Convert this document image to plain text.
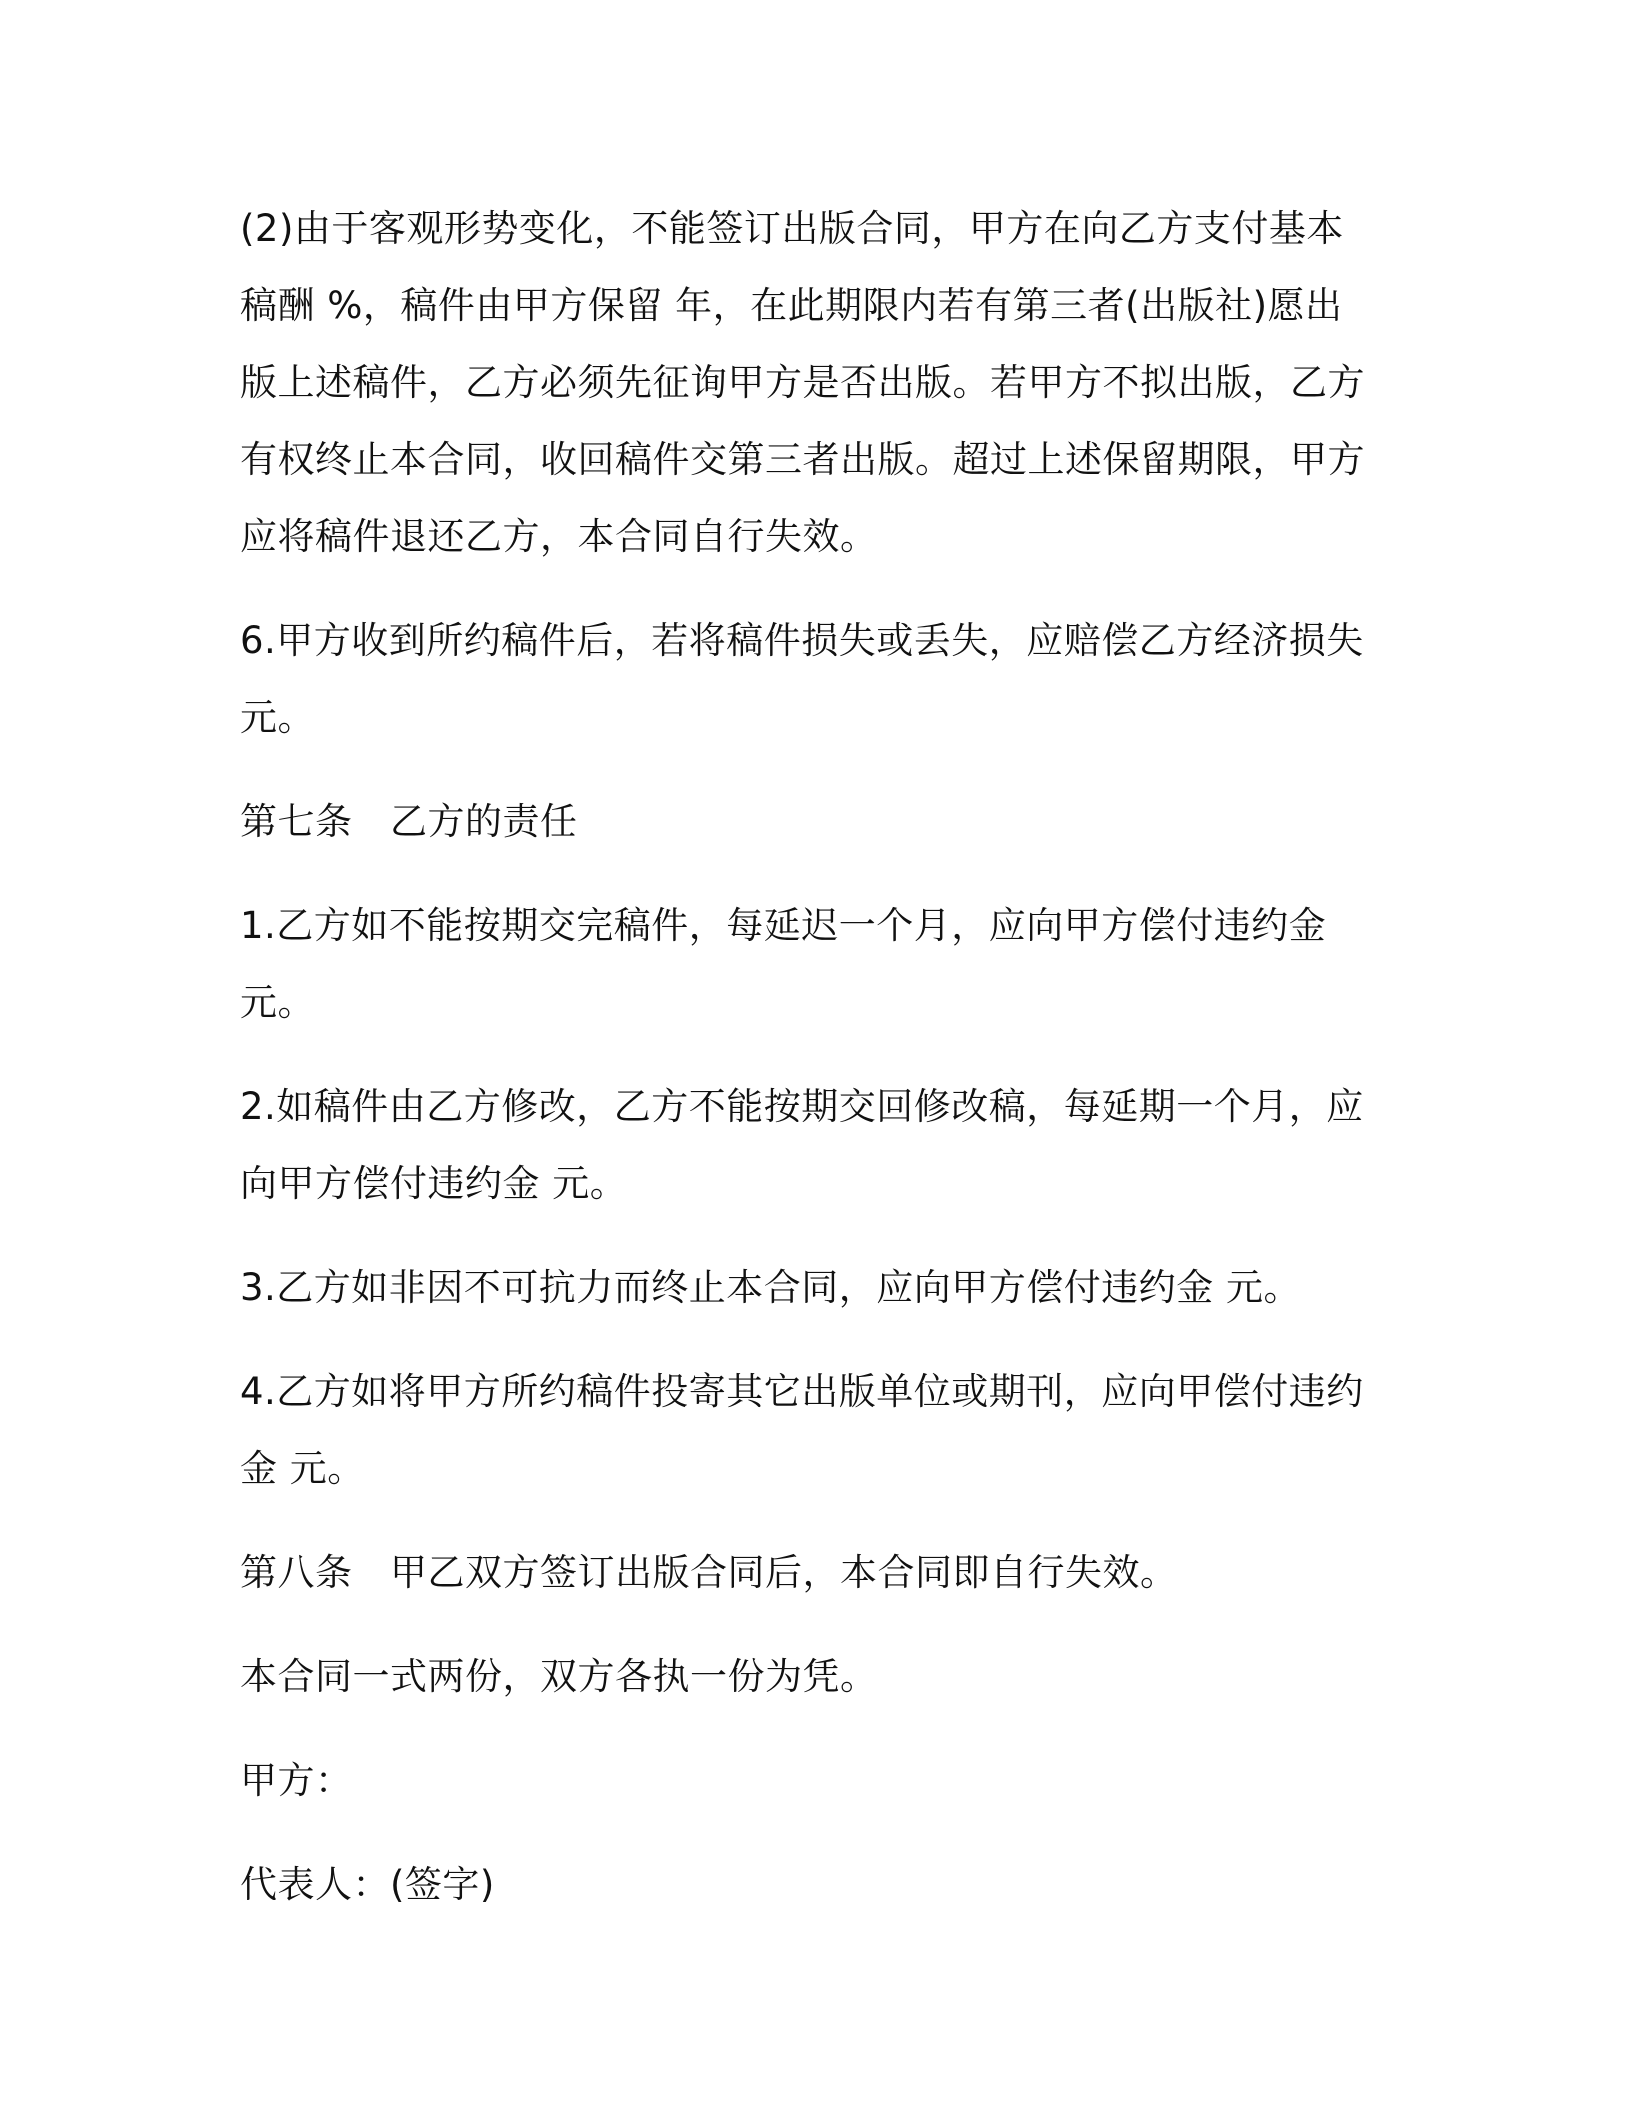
(2)由于客观形势变化，不能签订出版合同，甲方在向乙方支付基本稿酬 %，稿件由甲方保留 年，在此期限内若有第三者(出版社)愿出版上述稿件，乙方必须先征询甲方是否出版。若甲方不拟出版，乙方有权终止本合同，收回稿件交第三者出版。超过上述保留期限，甲方应将稿件退还乙方，本合同自行失效。

6.甲方收到所约稿件后，若将稿件损失或丢失，应赔偿乙方经济损失 元。

第七条　乙方的责任

1.乙方如不能按期交完稿件，每延迟一个月，应向甲方偿付违约金 元。

2.如稿件由乙方修改，乙方不能按期交回修改稿，每延期一个月，应向甲方偿付违约金 元。

3.乙方如非因不可抗力而终止本合同，应向甲方偿付违约金 元。

4.乙方如将甲方所约稿件投寄其它出版单位或期刊，应向甲偿付违约金 元。

第八条　甲乙双方签订出版合同后，本合同即自行失效。

本合同一式两份，双方各执一份为凭。

甲方：

代表人：(签字)
